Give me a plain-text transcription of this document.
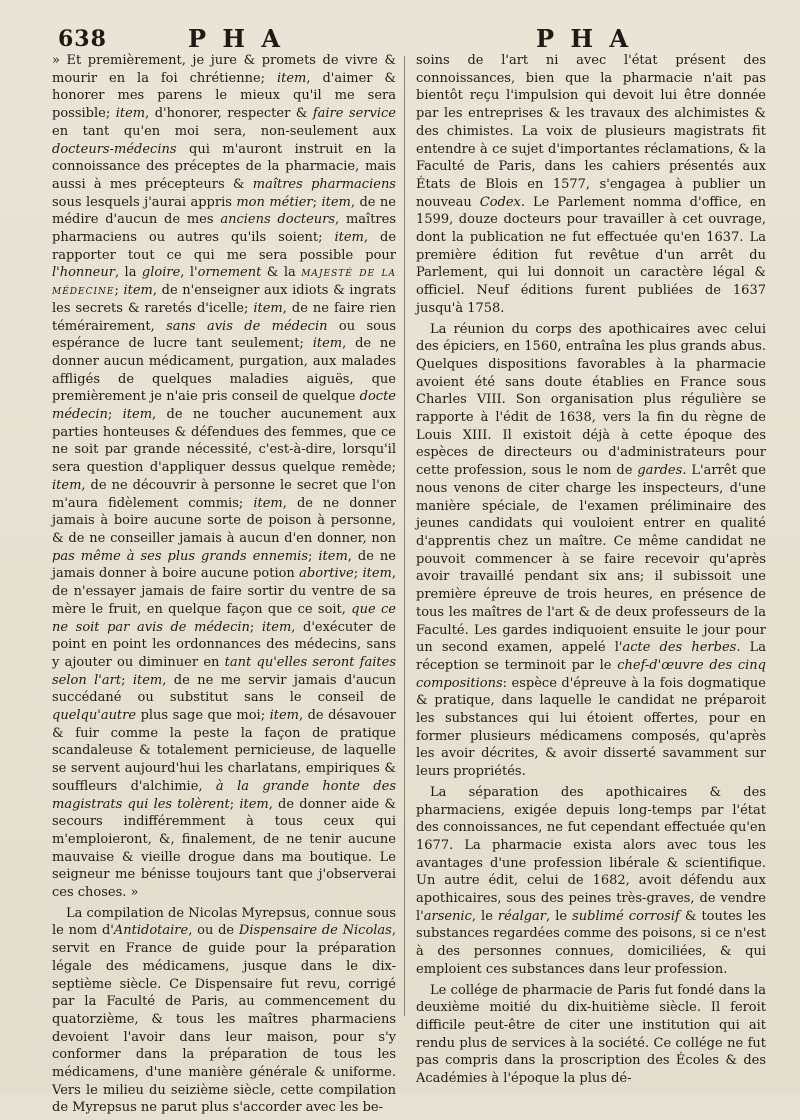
638	P H A	P H A

» Et premièrement, je jure & promets de vivre & mourir en la foi chrétienne; item, d'aimer & honorer mes parens le mieux qu'il me sera possible; item, d'honorer, respecter & faire service en tant qu'en moi sera, non-seulement aux docteurs-médecins qui m'auront instruit en la connoissance des préceptes de la pharmacie, mais aussi à mes précepteurs & maîtres pharmaciens sous lesquels j'aurai appris mon métier; item, de ne médire d'aucun de mes anciens docteurs, maîtres pharmaciens ou autres qu'ils soient; item, de rapporter tout ce qui me sera possible pour l'honneur, la gloire, l'ornement & la majesté de la médecine; item, de n'enseigner aux idiots & ingrats les secrets & raretés d'icelle; item, de ne faire rien témérairement, sans avis de médecin ou sous espérance de lucre tant seulement; item, de ne donner aucun médicament, purgation, aux malades affligés de quelques maladies aiguës, que premièrement je n'aie pris conseil de quelque docte médecin; item, de ne toucher aucunement aux parties honteuses & défendues des femmes, que ce ne soit par grande nécessité, c'est-à-dire, lorsqu'il sera question d'appliquer dessus quelque remède; item, de ne découvrir à personne le secret que l'on m'aura fidèlement commis; item, de ne donner jamais à boire aucune sorte de poison à personne, & de ne conseiller jamais à aucun d'en donner, non pas même à ses plus grands ennemis; item, de ne jamais donner à boire aucune potion abortive; item, de n'essayer jamais de faire sortir du ventre de sa mère le fruit, en quelque façon que ce soit, que ce ne soit par avis de médecin; item, d'exécuter de point en point les ordonnances des médecins, sans y ajouter ou diminuer en tant qu'elles seront faites selon l'art; item, de ne me servir jamais d'aucun succédané ou substitut sans le conseil de quelqu'autre plus sage que moi; item, de désavouer & fuir comme la peste la façon de pratique scandaleuse & totalement pernicieuse, de laquelle se servent aujourd'hui les charlatans, empiriques & souffleurs d'alchimie, à la grande honte des magistrats qui les tolèrent; item, de donner aide & secours indifféremment à tous ceux qui m'emploieront, &, finalement, de ne tenir aucune mauvaise & vieille drogue dans ma boutique. Le seigneur me bénisse toujours tant que j'observerai ces choses. »

La compilation de Nicolas Myrepsus, connue sous le nom d'Antidotaire, ou de Dispensaire de Nicolas, servit en France de guide pour la préparation légale des médicamens, jusque dans le dix-septième siècle. Ce Dispensaire fut revu, corrigé par la Faculté de Paris, au commencement du quatorzième, & tous les maîtres pharmaciens devoient l'avoir dans leur maison, pour s'y conformer dans la préparation de tous les médicamens, d'une manière générale & uniforme. Vers le milieu du seizième siècle, cette compilation de Myrepsus ne parut plus s'accorder avec les be-

soins de l'art ni avec l'état présent des connoissances, bien que la pharmacie n'ait pas bientôt reçu l'impulsion qui devoit lui être donnée par les entreprises & les travaux des alchimistes & des chimistes. La voix de plusieurs magistrats fit entendre à ce sujet d'importantes réclamations, & la Faculté de Paris, dans les cahiers présentés aux États de Blois en 1577, s'engagea à publier un nouveau Codex. Le Parlement nomma d'office, en 1599, douze docteurs pour travailler à cet ouvrage, dont la publication ne fut effectuée qu'en 1637. La première édition fut revêtue d'un arrêt du Parlement, qui lui donnoit un caractère légal & officiel. Neuf éditions furent publiées de 1637 jusqu'à 1758.

La réunion du corps des apothicaires avec celui des épiciers, en 1560, entraîna les plus grands abus. Quelques dispositions favorables à la pharmacie avoient été sans doute établies en France sous Charles VIII. Son organisation plus régulière se rapporte à l'édit de 1638, vers la fin du règne de Louis XIII. Il existoit déjà à cette époque des espèces de directeurs ou d'administrateurs pour cette profession, sous le nom de gardes. L'arrêt que nous venons de citer charge les inspecteurs, d'une manière spéciale, de l'examen préliminaire des jeunes candidats qui vouloient entrer en qualité d'apprentis chez un maître. Ce même candidat ne pouvoit commencer à se faire recevoir qu'après avoir travaillé pendant six ans; il subissoit une première épreuve de trois heures, en présence de tous les maîtres de l'art & de deux professeurs de la Faculté. Les gardes indiquoient ensuite le jour pour un second examen, appelé l'acte des herbes. La réception se terminoit par le chef-d'œuvre des cinq compositions: espèce d'épreuve à la fois dogmatique & pratique, dans laquelle le candidat ne préparoit les substances qui lui étoient offertes, pour en former plusieurs médicamens composés, qu'après les avoir décrites, & avoir disserté savamment sur leurs propriétés.

La séparation des apothicaires & des pharmaciens, exigée depuis long-temps par l'état des connoissances, ne fut cependant effectuée qu'en 1677. La pharmacie exista alors avec tous les avantages d'une profession libérale & scientifique. Un autre édit, celui de 1682, avoit défendu aux apothicaires, sous des peines très-graves, de vendre l'arsenic, le réalgar, le sublimé corrosif & toutes les substances regardées comme des poisons, si ce n'est à des personnes connues, domiciliées, & qui emploient ces substances dans leur profession.

Le collége de pharmacie de Paris fut fondé dans la deuxième moitié du dix-huitième siècle. Il feroit difficile peut-être de citer une institution qui ait rendu plus de services à la société. Ce collége ne fut pas compris dans la proscription des Écoles & des Académies à l'époque la plus dé-
